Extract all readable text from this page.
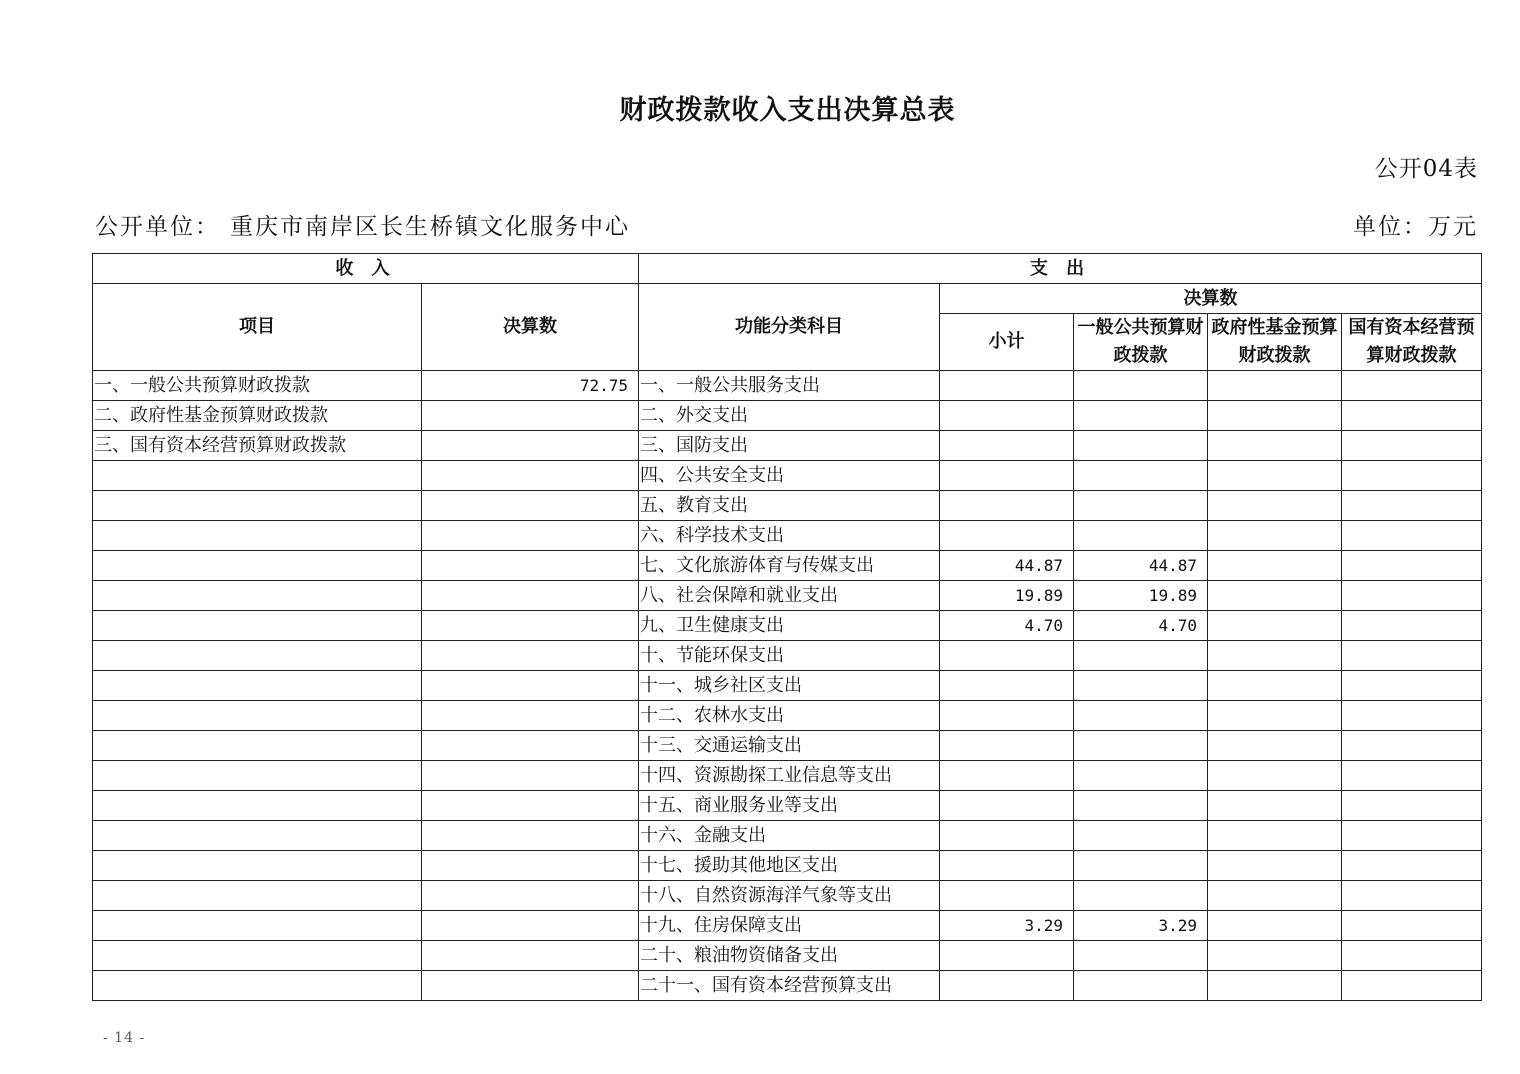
财政拨款收入支出决算总表
公开04表
公开单位： 重庆市南岸区长生桥镇文化服务中心	单位：万元
收 入		支 出				
项目	决算数	功能分类科目	决算数			
			小计	一般公共预算财政拨款	政府性基金预算财政拨款	国有资本经营预算财政拨款
一、一般公共预算财政拨款	72.75	一、一般公共服务支出				
二、政府性基金预算财政拨款		二、外交支出				
三、国有资本经营预算财政拨款		三、国防支出				
		四、公共安全支出				
		五、教育支出				
		六、科学技术支出				
		七、文化旅游体育与传媒支出	44.87	44.87		
		八、社会保障和就业支出	19.89	19.89		
		九、卫生健康支出	4.70	4.70		
		十、节能环保支出				
		十一、城乡社区支出				
		十二、农林水支出				
		十三、交通运输支出				
		十四、资源勘探工业信息等支出				
		十五、商业服务业等支出				
		十六、金融支出				
		十七、援助其他地区支出				
		十八、自然资源海洋气象等支出				
		十九、住房保障支出	3.29	3.29		
		二十、粮油物资储备支出				
		二十一、国有资本经营预算支出				
- 14 -
